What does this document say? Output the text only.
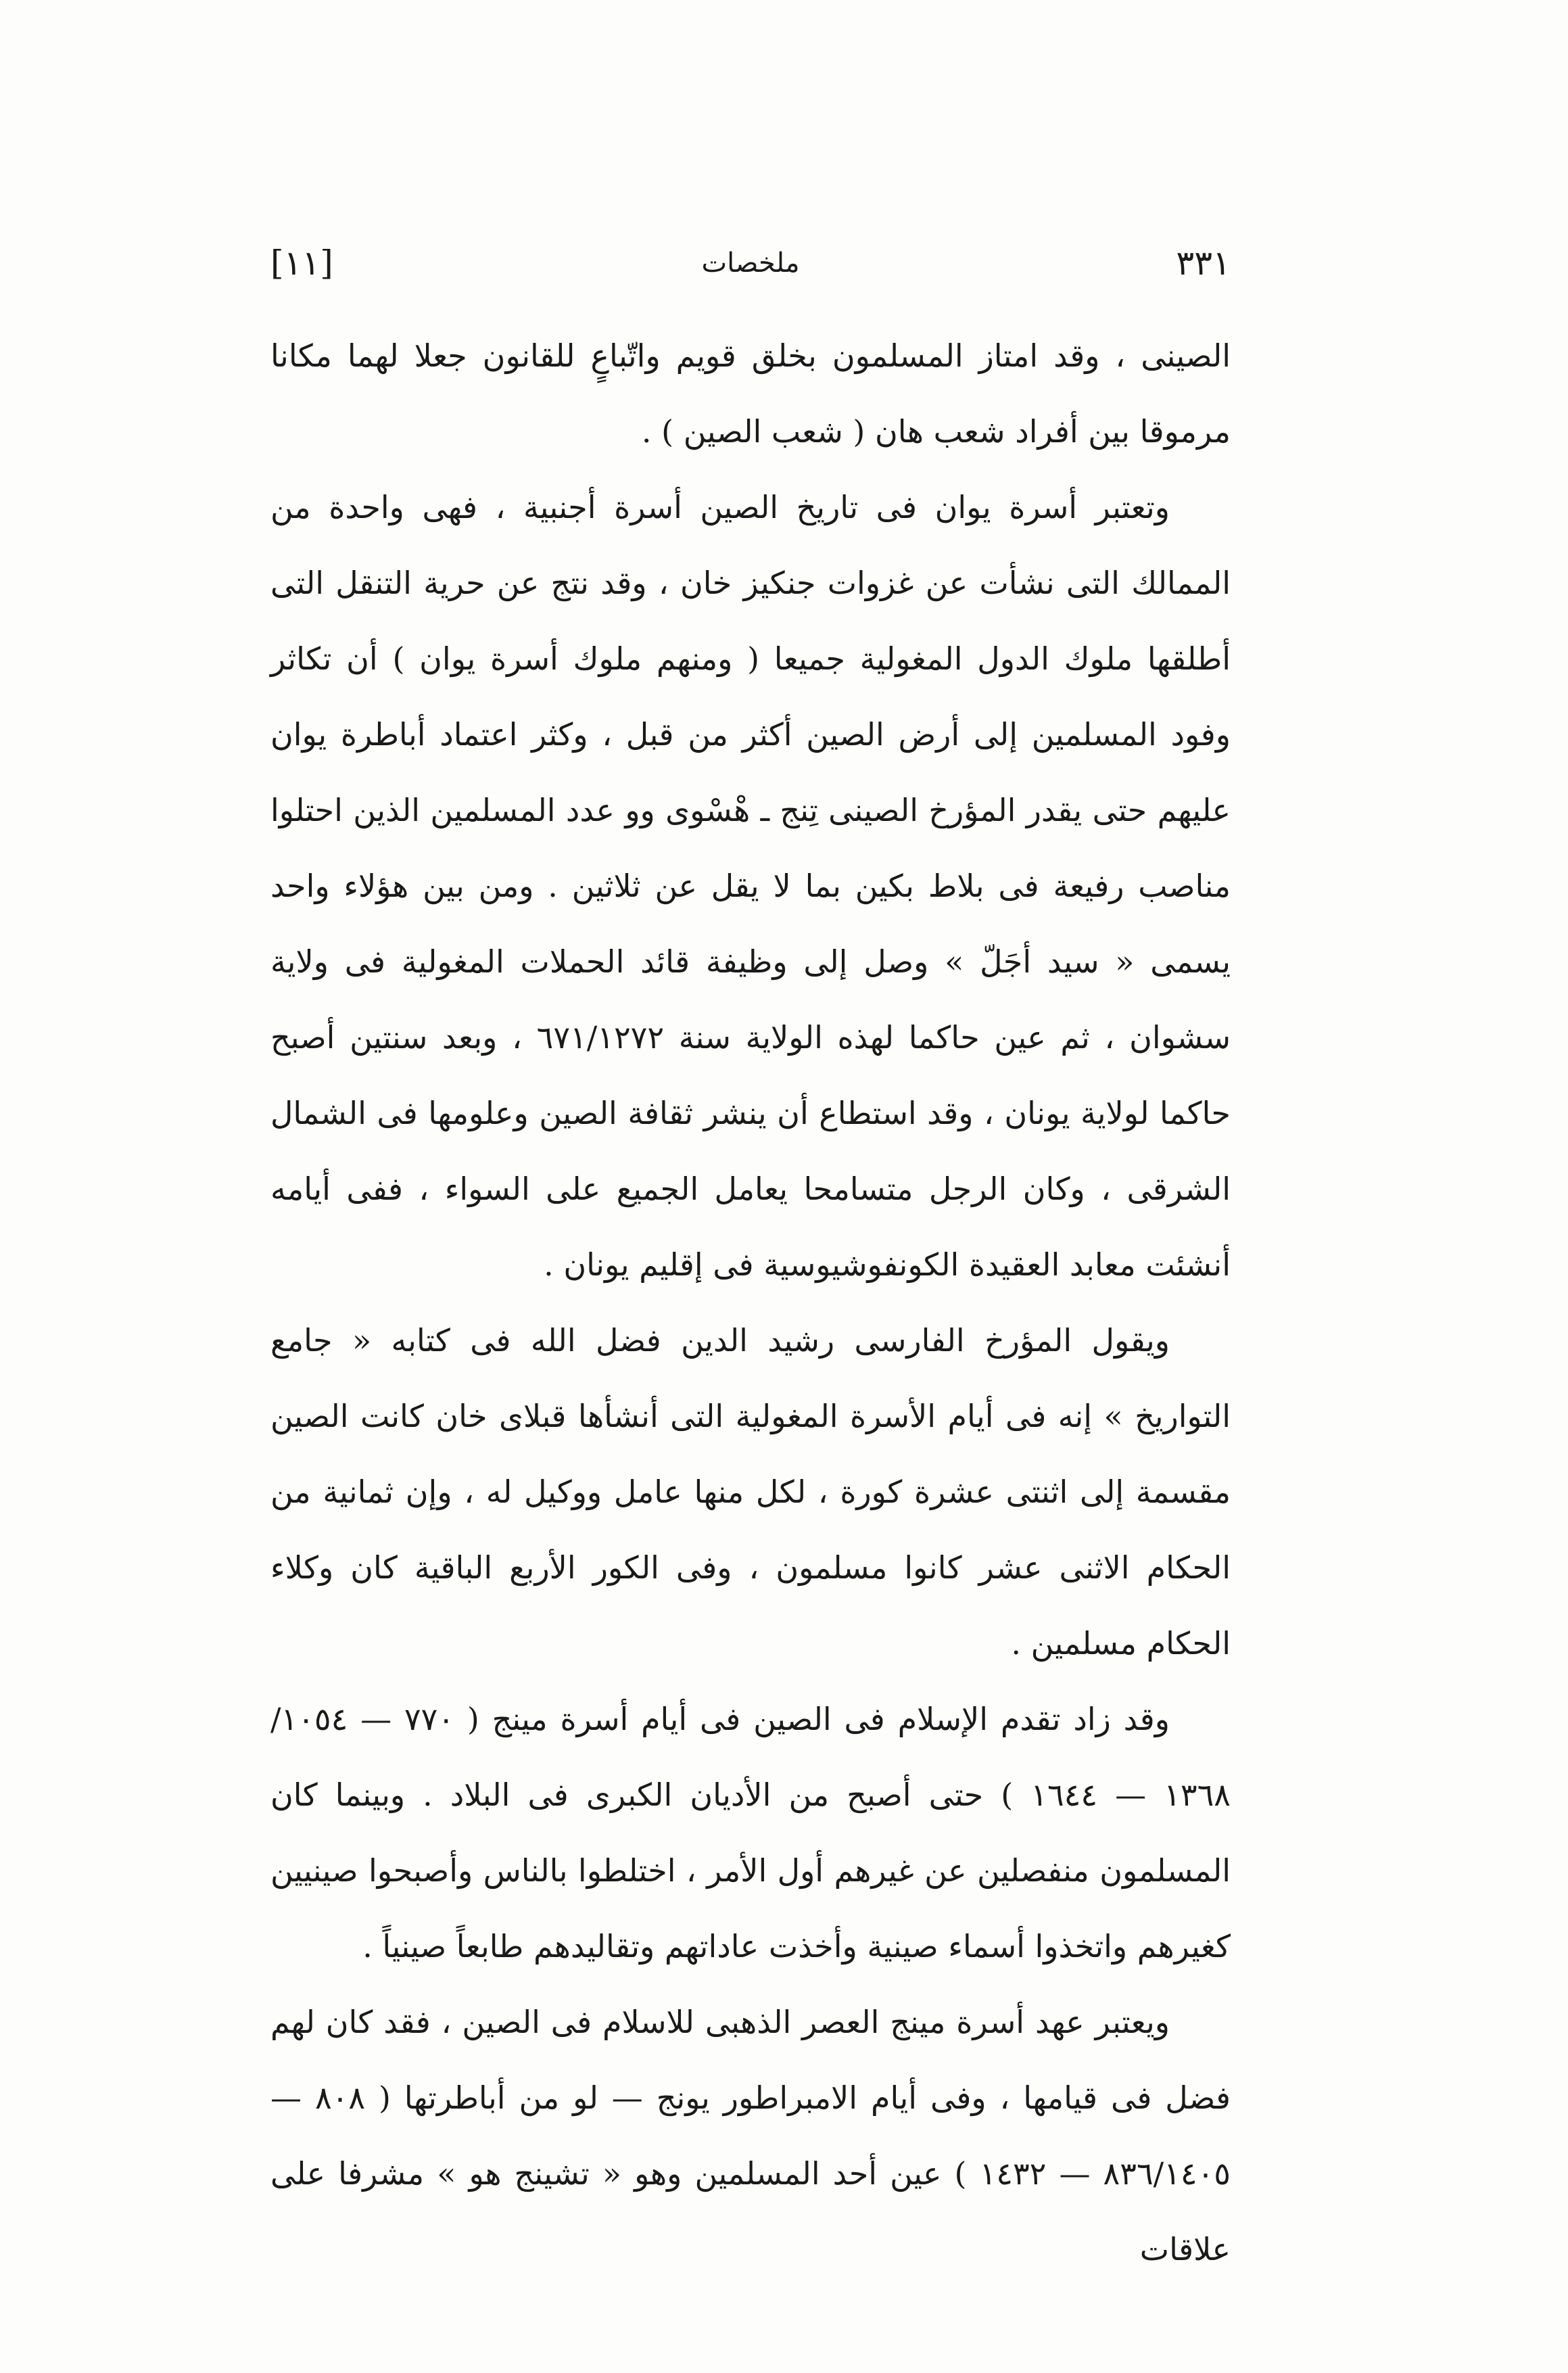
[١١]	ملخصات	٣٣١

الصينى ، وقد امتاز المسلمون بخلق قويم واتّباعٍ للقانون جعلا لهما مكانا مرموقا بين أفراد شعب هان ( شعب الصين ) .

وتعتبر أسرة يوان فى تاريخ الصين أسرة أجنبية ، فهى واحدة من الممالك التى نشأت عن غزوات جنكيز خان ، وقد نتج عن حرية التنقل التى أطلقها ملوك الدول المغولية جميعا ( ومنهم ملوك أسرة يوان ) أن تكاثر وفود المسلمين إلى أرض الصين أكثر من قبل ، وكثر اعتماد أباطرة يوان عليهم حتى يقدر المؤرخ الصينى تِنج ـ هْسْوى وو عدد المسلمين الذين احتلوا مناصب رفيعة فى بلاط بكين بما لا يقل عن ثلاثين . ومن بين هؤلاء واحد يسمى « سيد أجَلّ » وصل إلى وظيفة قائد الحملات المغولية فى ولاية سشوان ، ثم عين حاكما لهذه الولاية سنة ٦٧١/١٢٧٢ ، وبعد سنتين أصبح حاكما لولاية يونان ، وقد استطاع أن ينشر ثقافة الصين وعلومها فى الشمال الشرقى ، وكان الرجل متسامحا يعامل الجميع على السواء ، ففى أيامه أنشئت معابد العقيدة الكونفوشيوسية فى إقليم يونان .

ويقول المؤرخ الفارسى رشيد الدين فضل الله فى كتابه « جامع التواريخ » إنه فى أيام الأسرة المغولية التى أنشأها قبلاى خان كانت الصين مقسمة إلى اثنتى عشرة كورة ، لكل منها عامل ووكيل له ، وإن ثمانية من الحكام الاثنى عشر كانوا مسلمون ، وفى الكور الأربع الباقية كان وكلاء الحكام مسلمين .

وقد زاد تقدم الإسلام فى الصين فى أيام أسرة مينج ( ٧٧٠ — ١٠٥٤/ ١٣٦٨ — ١٦٤٤ ) حتى أصبح من الأديان الكبرى فى البلاد . وبينما كان المسلمون منفصلين عن غيرهم أول الأمر ، اختلطوا بالناس وأصبحوا صينيين كغيرهم واتخذوا أسماء صينية وأخذت عاداتهم وتقاليدهم طابعاً صينياً .

ويعتبر عهد أسرة مينج العصر الذهبى للاسلام فى الصين ، فقد كان لهم فضل فى قيامها ، وفى أيام الامبراطور يونج — لو من أباطرتها ( ٨٠٨ — ٨٣٦/١٤٠٥ — ١٤٣٢ ) عين أحد المسلمين وهو « تشينج هو » مشرفا على علاقات
